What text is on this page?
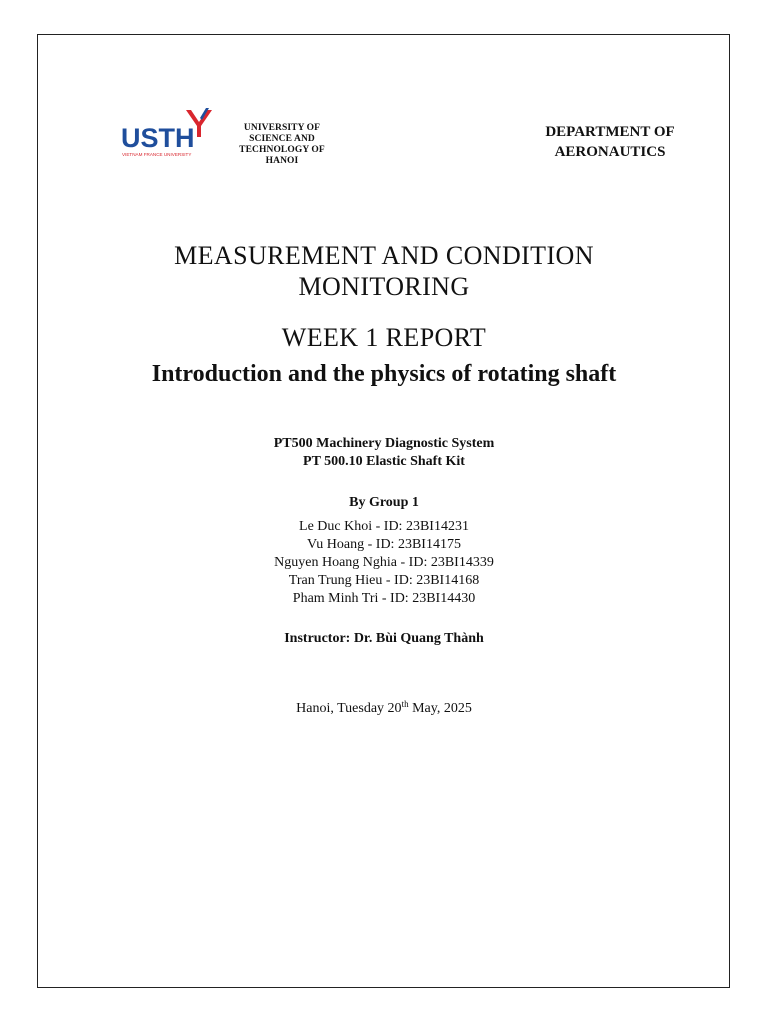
USTH
VIETNAM FRANCE UNIVERSITY
UNIVERSITY OF
SCIENCE AND
TECHNOLOGY OF
HANOI
DEPARTMENT OF
AERONAUTICS
MEASUREMENT AND CONDITION
MONITORING
WEEK 1 REPORT
Introduction and the physics of rotating shaft
PT500 Machinery Diagnostic System
PT 500.10 Elastic Shaft Kit
By Group 1
Le Duc Khoi - ID: 23BI14231
Vu Hoang - ID: 23BI14175
Nguyen Hoang Nghia - ID: 23BI14339
Tran Trung Hieu - ID: 23BI14168
Pham Minh Tri - ID: 23BI14430
Instructor: Dr. Bùi Quang Thành
Hanoi, Tuesday 20th May, 2025
